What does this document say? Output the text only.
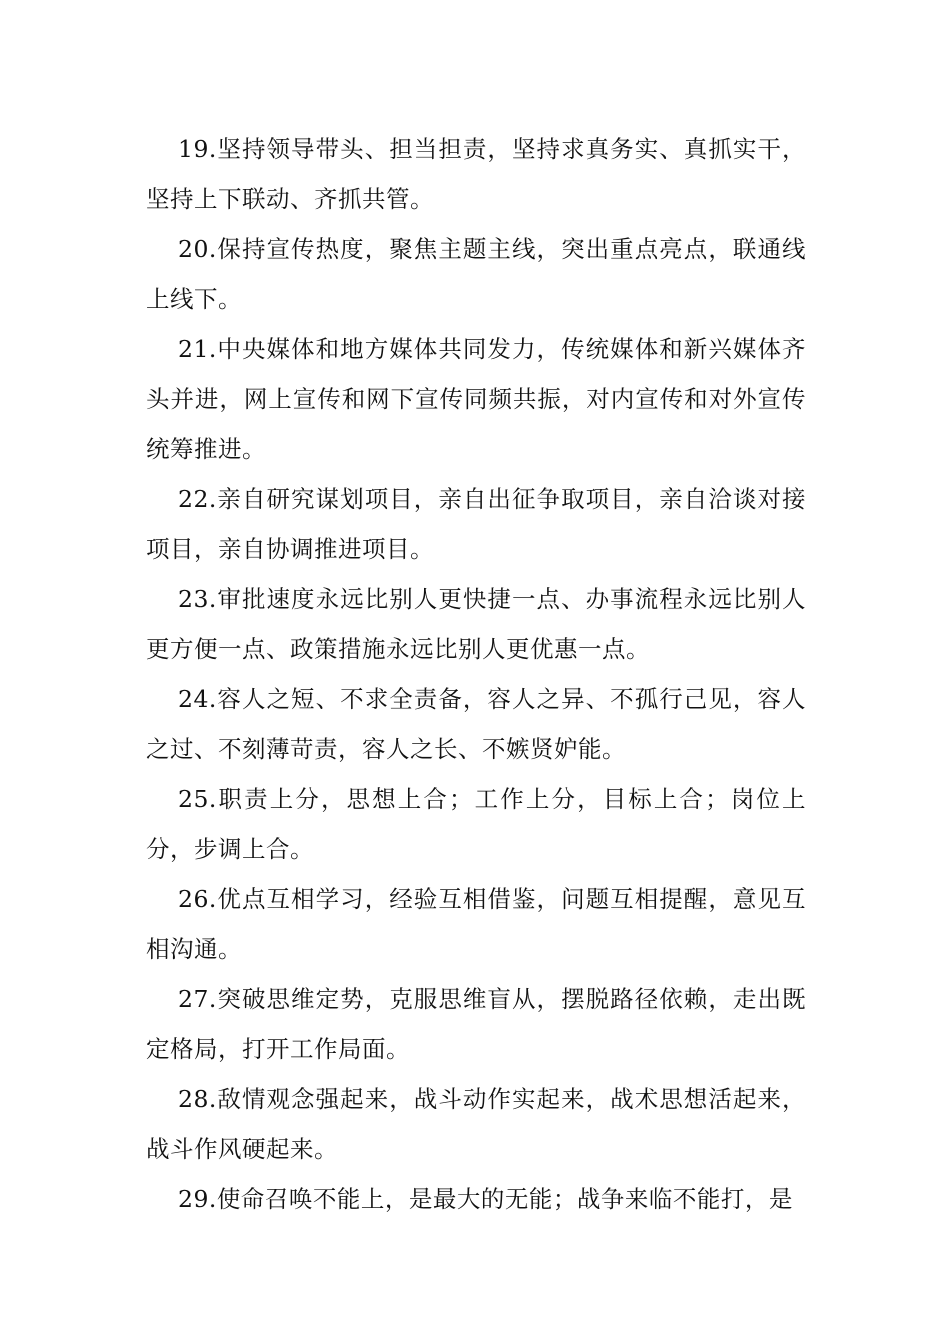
19.坚持领导带头、担当担责，坚持求真务实、真抓实干，坚持上下联动、齐抓共管。

20.保持宣传热度，聚焦主题主线，突出重点亮点，联通线上线下。

21.中央媒体和地方媒体共同发力，传统媒体和新兴媒体齐头并进，网上宣传和网下宣传同频共振，对内宣传和对外宣传统筹推进。

22.亲自研究谋划项目，亲自出征争取项目，亲自洽谈对接项目，亲自协调推进项目。

23.审批速度永远比别人更快捷一点、办事流程永远比别人更方便一点、政策措施永远比别人更优惠一点。

24.容人之短、不求全责备，容人之异、不孤行己见，容人之过、不刻薄苛责，容人之长、不嫉贤妒能。

25.职责上分，思想上合；工作上分，目标上合；岗位上分，步调上合。

26.优点互相学习，经验互相借鉴，问题互相提醒，意见互相沟通。

27.突破思维定势，克服思维盲从，摆脱路径依赖，走出既定格局，打开工作局面。

28.敌情观念强起来，战斗动作实起来，战术思想活起来，战斗作风硬起来。

29.使命召唤不能上，是最大的无能；战争来临不能打，是
